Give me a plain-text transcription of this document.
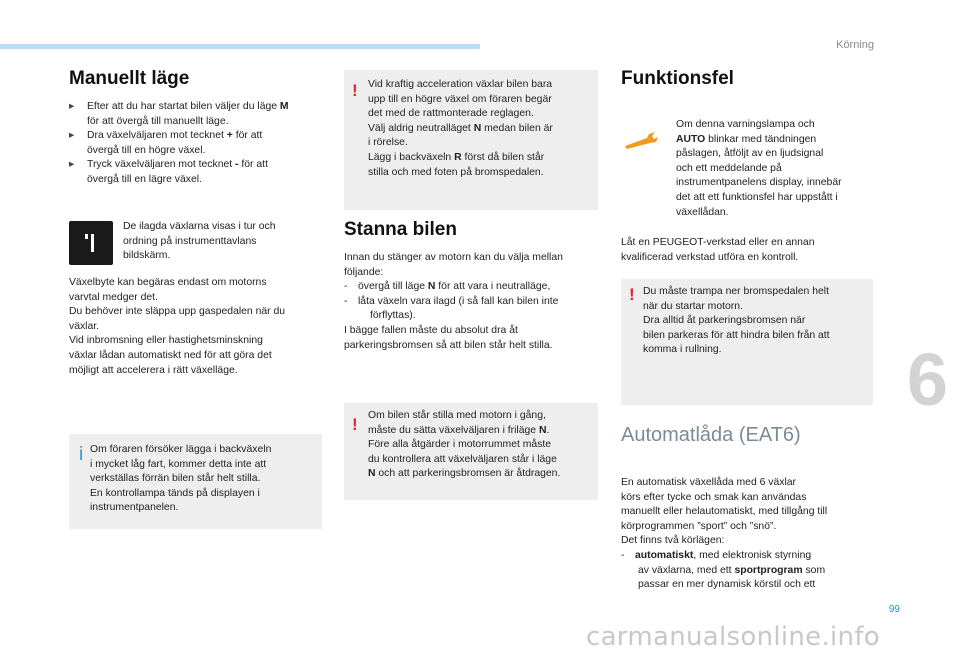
Körning
6
Manuellt läge
▸ Efter att du har startat bilen väljer du läge M
för att övergå till manuellt läge.
▸ Dra växelväljaren mot tecknet + för att
övergå till en högre växel.
▸ Tryck växelväljaren mot tecknet - för att
övergå till en lägre växel.
De ilagda växlarna visas i tur och
ordning på instrumenttavlans
bildskärm.
Växelbyte kan begäras endast om motorns
varvtal medger det.
Du behöver inte släppa upp gaspedalen när du
växlar.
Vid inbromsning eller hastighetsminskning
växlar lådan automatiskt ned för att göra det
möjligt att accelerera i rätt växelläge.
i Om föraren försöker lägga i backväxeln
i mycket låg fart, kommer detta inte att
verkställas förrän bilen står helt stilla.
En kontrollampa tänds på displayen i
instrumentpanelen.
! Vid kraftig acceleration växlar bilen bara
upp till en högre växel om föraren begär
det med de rattmonterade reglagen.
Välj aldrig neutralläget N medan bilen är
i rörelse.
Lägg i backväxeln R först då bilen står
stilla och med foten på bromspedalen.
Stanna bilen
Innan du stänger av motorn kan du välja mellan
följande:
- övergå till läge N för att vara i neutralläge,
- låta växeln vara ilagd (i så fall kan bilen inte
förflyttas).
I bägge fallen måste du absolut dra åt
parkeringsbromsen så att bilen står helt stilla.
! Om bilen står stilla med motorn i gång,
måste du sätta växelväljaren i friläge N.
Före alla åtgärder i motorrummet måste
du kontrollera att växelväljaren står i läge
N och att parkeringsbromsen är åtdragen.
Funktionsfel
Om denna varningslampa och
AUTO blinkar med tändningen
påslagen, åtföljt av en ljudsignal
och ett meddelande på
instrumentpanelens display, innebär
det att ett funktionsfel har uppstått i
växellådan.
Låt en PEUGEOT-verkstad eller en annan
kvalificerad verkstad utföra en kontroll.
! Du måste trampa ner bromspedalen helt
när du startar motorn.
Dra alltid åt parkeringsbromsen när
bilen parkeras för att hindra bilen från att
komma i rullning.
Automatlåda (EAT6)
En automatisk växellåda med 6 växlar
körs efter tycke och smak kan användas
manuellt eller helautomatiskt, med tillgång till
körprogrammen ”sport” och ”snö”.
Det finns två körlägen:
- automatiskt, med elektronisk styrning
av växlarna, med ett sportprogram som
passar en mer dynamisk körstil och ett
99
carmanualsonline.info
